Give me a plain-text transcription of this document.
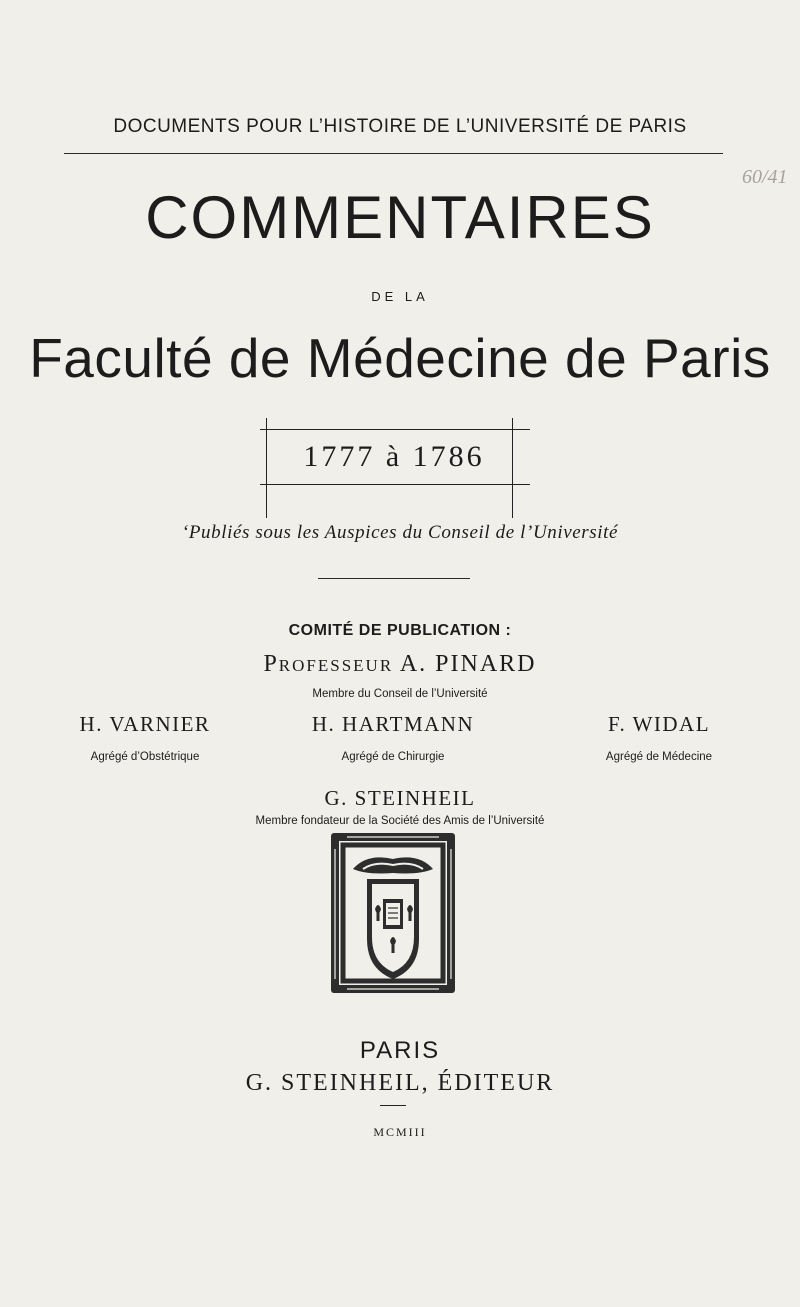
DOCUMENTS POUR L’HISTOIRE DE L’UNIVERSITÉ DE PARIS
60/41
COMMENTAIRES
DE LA
Faculté de Médecine de Paris
1777 à 1786
‘Publiés sous les Auspices du Conseil de l’Université
COMITÉ DE PUBLICATION :
Professeur A. PINARD
Membre du Conseil de l’Université
H. VARNIER	H. HARTMANN	F. WIDAL
Agrégé d’Obstétrique	Agrégé de Chirurgie	Agrégé de Médecine
G. STEINHEIL
Membre fondateur de la Société des Amis de l’Université
PARIS
G. STEINHEIL, ÉDITEUR
MCMIII
